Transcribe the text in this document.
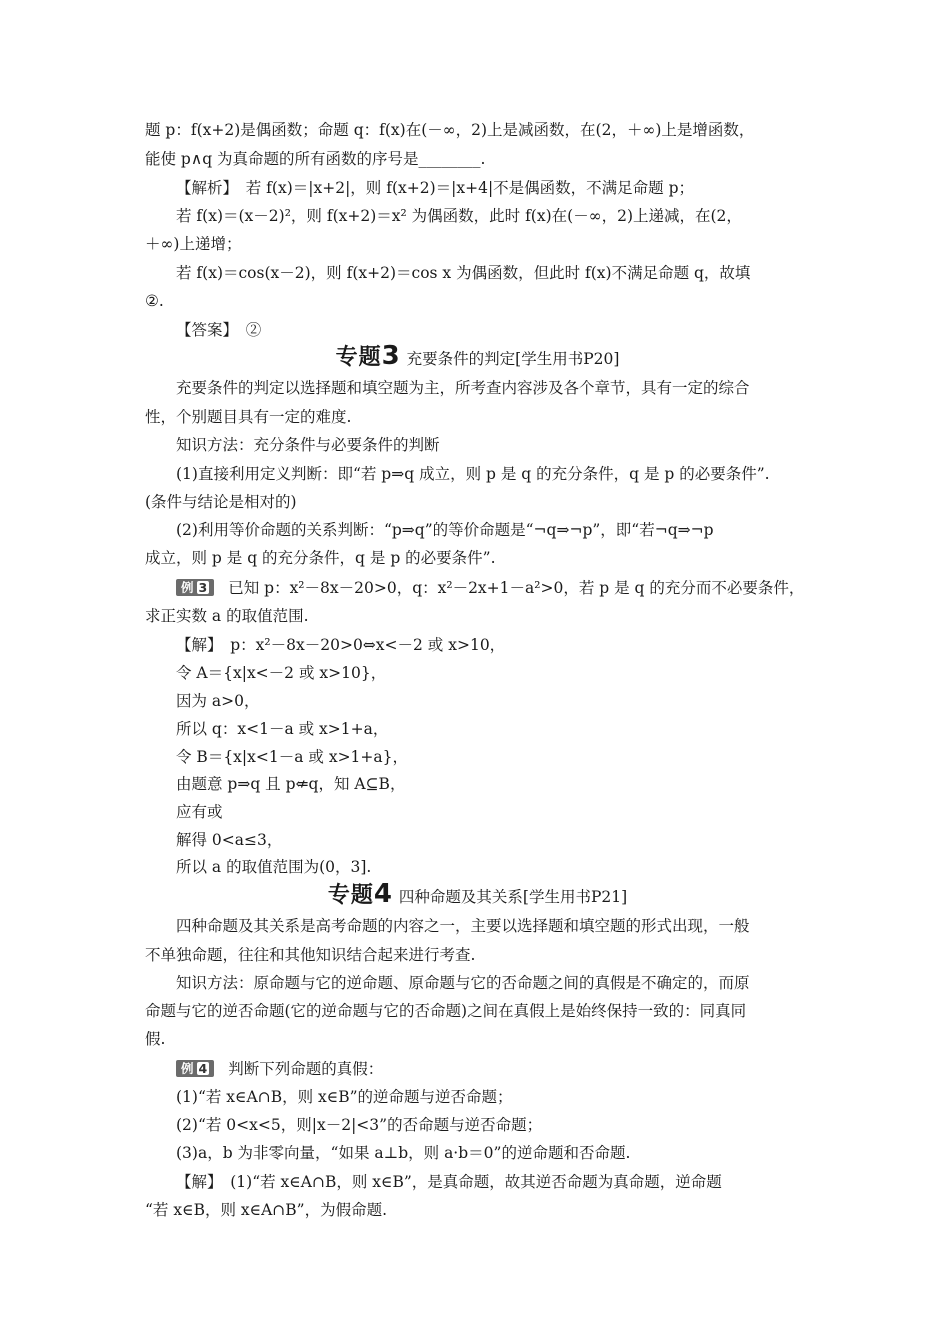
题 p：f(x+2)是偶函数；命题 q：f(x)在(－∞，2)上是减函数，在(2，＋∞)上是增函数，
能使 p∧q 为真命题的所有函数的序号是________.
【解析】　若 f(x)＝|x+2|，则 f(x+2)＝|x+4|不是偶函数，不满足命题 p；
若 f(x)＝(x－2)²，则 f(x+2)＝x² 为偶函数，此时 f(x)在(－∞，2)上递减，在(2，
＋∞)上递增；
若 f(x)＝cos(x－2)，则 f(x+2)＝cos x 为偶函数，但此时 f(x)不满足命题 q，故填
②.
【答案】　②
专题3 充要条件的判定[学生用书P20]
充要条件的判定以选择题和填空题为主，所考查内容涉及各个章节，具有一定的综合
性，个别题目具有一定的难度.
知识方法：充分条件与必要条件的判断
(1)直接利用定义判断：即“若 p⇒q 成立，则 p 是 q 的充分条件，q 是 p 的必要条件”.
(条件与结论是相对的)
(2)利用等价命题的关系判断：“p⇒q”的等价命题是“¬q⇒¬p”，即“若¬q⇒¬p
成立，则 p 是 q 的充分条件，q 是 p 的必要条件”.
例 3 已知 p：x²－8x－20>0，q：x²－2x+1－a²>0，若 p 是 q 的充分而不必要条件，
求正实数 a 的取值范围.
【解】　p：x²－8x－20>0⇔x<－2 或 x>10，
令 A＝{x|x<－2 或 x>10}，
因为 a>0，
所以 q：x<1－a 或 x>1+a，
令 B＝{x|x<1－a 或 x>1+a}，
由题意 p⇒q 且 p⇍q，知 A⊆B，
应有或
解得 0<a≤3，
所以 a 的取值范围为(0，3].
专题4 四种命题及其关系[学生用书P21]
四种命题及其关系是高考命题的内容之一，主要以选择题和填空题的形式出现，一般
不单独命题，往往和其他知识结合起来进行考查.
知识方法：原命题与它的逆命题、原命题与它的否命题之间的真假是不确定的，而原
命题与它的逆否命题(它的逆命题与它的否命题)之间在真假上是始终保持一致的：同真同
假.
例 4 判断下列命题的真假：
(1)“若 x∈A∩B，则 x∈B”的逆命题与逆否命题；
(2)“若 0<x<5，则|x－2|<3”的否命题与逆否命题；
(3)a，b 为非零向量，“如果 a⊥b，则 a·b＝0”的逆命题和否命题.
【解】　(1)“若 x∈A∩B，则 x∈B”，是真命题，故其逆否命题为真命题，逆命题
“若 x∈B，则 x∈A∩B”，为假命题.
